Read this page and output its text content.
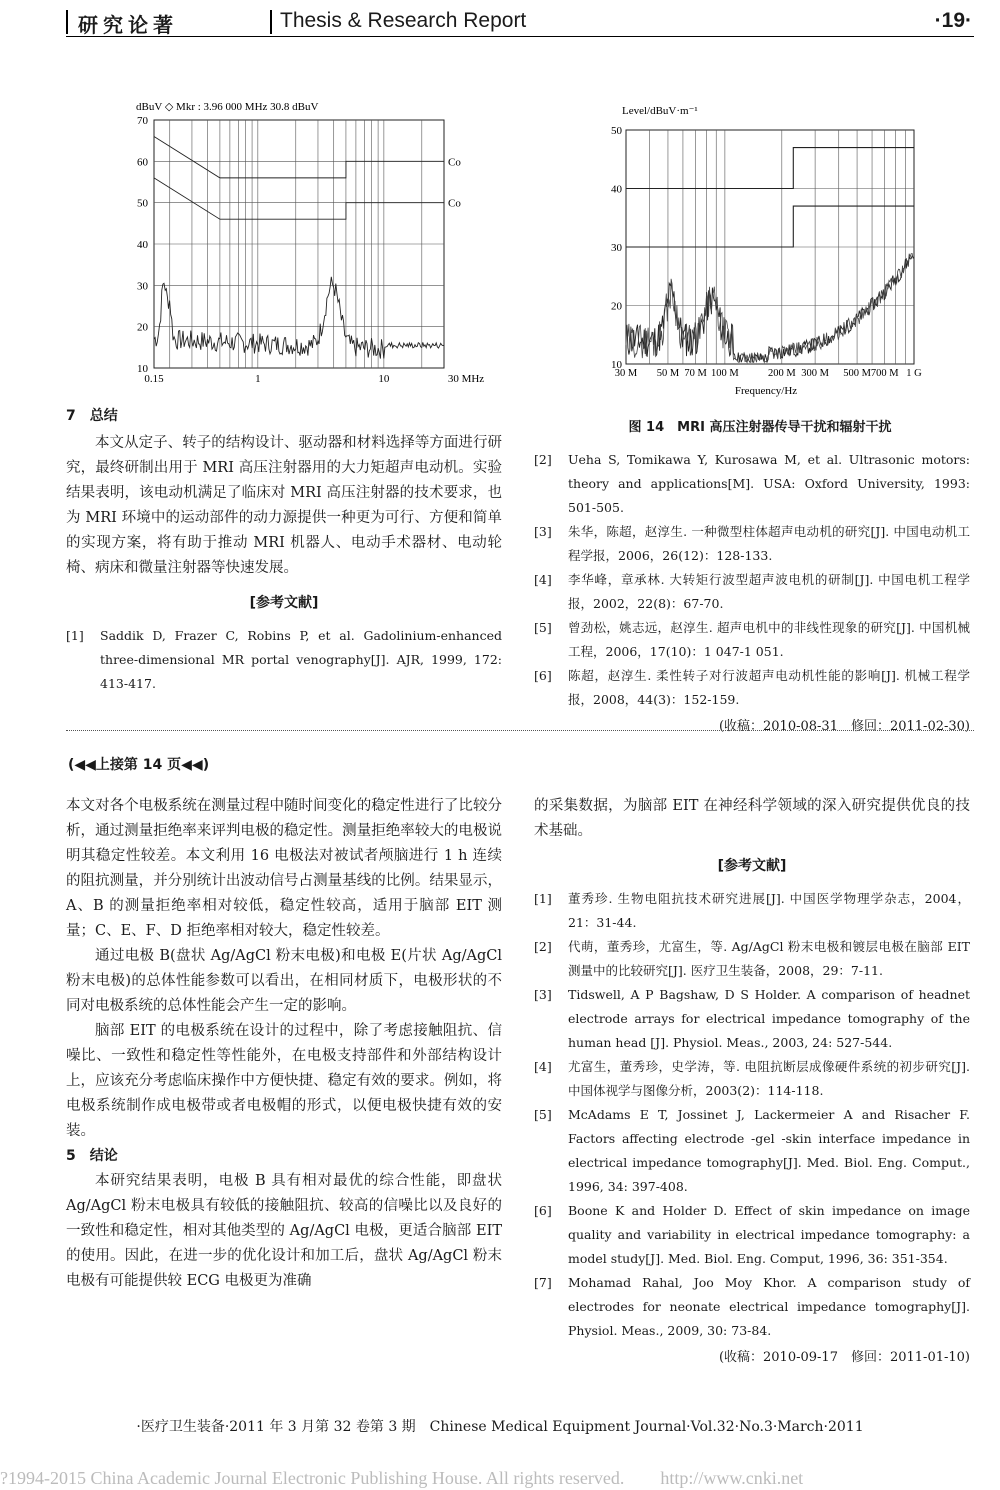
研究论著	Thesis & Research Report	·19·
dBuV ◇ Mkr : 3.96 000 MHz 30.8 dBuV
70
60
50
40
30
20
10
0.15	1	10	30 MHz
Co
Co
Level/dBuV·m⁻¹
50
40
30
20
10
30 M 50 M 70 M 100 M	200 M 300 M 500 M 700 M 1 G
Frequency/Hz
图 14　MRI 高压注射器传导干扰和辐射干扰
7　总结

本文从定子、转子的结构设计、驱动器和材料选择等方面进行研究，最终研制出用于 MRI 高压注射器用的大力矩超声电动机。实验结果表明，该电动机满足了临床对 MRI 高压注射器的技术要求，也为 MRI 环境中的运动部件的动力源提供一种更为可行、方便和简单的实现方案，将有助于推动 MRI 机器人、电动手术器材、电动轮椅、病床和微量注射器等快速发展。

[参考文献]
[1] Saddik D, Frazer C, Robins P, et al. Gadolinium-enhanced three-dimensional MR portal venography[J]. AJR, 1999, 172: 413-417.
[2] Ueha S, Tomikawa Y, Kurosawa M, et al. Ultrasonic motors: theory and applications[M]. USA: Oxford University, 1993: 501-505.
[3] 朱华，陈超，赵淳生. 一种微型柱体超声电动机的研究[J]. 中国电动机工程学报，2006，26(12)：128-133.
[4] 李华峰，章承林. 大转矩行波型超声波电机的研制[J]. 中国电机工程学报，2002，22(8)：67-70.
[5] 曾劲松，姚志远，赵淳生. 超声电机中的非线性现象的研究[J]. 中国机械工程，2006，17(10)：1 047-1 051.
[6] 陈超，赵淳生. 柔性转子对行波超声电动机性能的影响[J]. 机械工程学报，2008，44(3)：152-159.
(收稿：2010-08-31　修回：2011-02-30)
(◀◀上接第 14 页◀◀)

本文对各个电极系统在测量过程中随时间变化的稳定性进行了比较分析，通过测量拒绝率来评判电极的稳定性。测量拒绝率较大的电极说明其稳定性较差。本文利用 16 电极法对被试者颅脑进行 1 h 连续的阻抗测量，并分别统计出波动信号占测量基线的比例。结果显示，A、B 的测量拒绝率相对较低，稳定性较高，适用于脑部 EIT 测量；C、E、F、D 拒绝率相对较大，稳定性较差。

通过电极 B(盘状 Ag/AgCl 粉末电极)和电极 E(片状 Ag/AgCl 粉末电极)的总体性能参数可以看出，在相同材质下，电极形状的不同对电极系统的总体性能会产生一定的影响。

脑部 EIT 的电极系统在设计的过程中，除了考虑接触阻抗、信噪比、一致性和稳定性等性能外，在电极支持部件和外部结构设计上，应该充分考虑临床操作中方便快捷、稳定有效的要求。例如，将电极系统制作成电极带或者电极帽的形式，以便电极快捷有效的安装。

5　结论

本研究结果表明，电极 B 具有相对最优的综合性能，即盘状 Ag/AgCl 粉末电极具有较低的接触阻抗、较高的信噪比以及良好的一致性和稳定性，相对其他类型的 Ag/AgCl 电极，更适合脑部 EIT 的使用。因此，在进一步的优化设计和加工后，盘状 Ag/AgCl 粉末电极有可能提供较 ECG 电极更为准确

的采集数据，为脑部 EIT 在神经科学领域的深入研究提供优良的技术基础。

[参考文献]
[1] 董秀珍. 生物电阻抗技术研究进展[J]. 中国医学物理学杂志，2004，21：31-44.
[2] 代萌，董秀珍，尤富生，等. Ag/AgCl 粉末电极和镀层电极在脑部 EIT 测量中的比较研究[J]. 医疗卫生装备，2008，29：7-11.
[3] Tidswell, A P Bagshaw, D S Holder. A comparison of headnet electrode arrays for electrical impedance tomography of the human head [J]. Physiol. Meas., 2003, 24: 527-544.
[4] 尤富生，董秀珍，史学涛，等. 电阻抗断层成像硬件系统的初步研究[J]. 中国体视学与图像分析，2003(2)：114-118.
[5] McAdams E T, Jossinet J, Lackermeier A and Risacher F. Factors affecting electrode -gel -skin interface impedance in electrical impedance tomography[J]. Med. Biol. Eng. Comput., 1996, 34: 397-408.
[6] Boone K and Holder D. Effect of skin impedance on image quality and variability in electrical impedance tomography: a model study[J]. Med. Biol. Eng. Comput, 1996, 36: 351-354.
[7] Mohamad Rahal, Joo Moy Khor. A comparison study of electrodes for neonate electrical impedance tomography[J]. Physiol. Meas., 2009, 30: 73-84.
(收稿：2010-09-17　修回：2011-01-10)
·医疗卫生装备·2011 年 3 月第 32 卷第 3 期　Chinese Medical Equipment Journal·Vol.32·No.3·March·2011
?1994-2015 China Academic Journal Electronic Publishing House. All rights reserved.　　http://www.cnki.net
